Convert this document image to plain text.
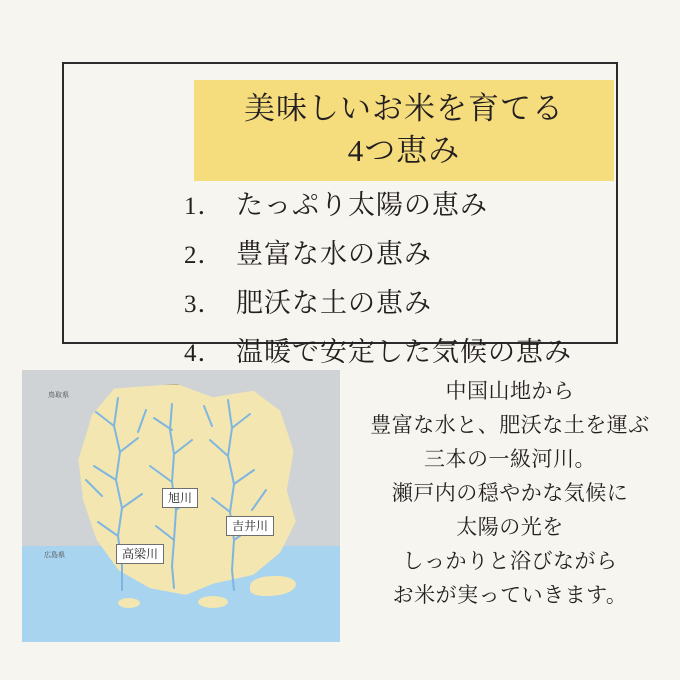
美味しいお米を育てる
4つ恵み
1． たっぷり太陽の恵み
2． 豊富な水の恵み
3． 肥沃な土の恵み
4． 温暖で安定した気候の恵み
旭川
吉井川
高梁川
鳥取県
広島県
中国山地から
豊富な水と、肥沃な土を運ぶ
三本の一級河川。
瀬戸内の穏やかな気候に
太陽の光を
しっかりと浴びながら
お米が実っていきます。
